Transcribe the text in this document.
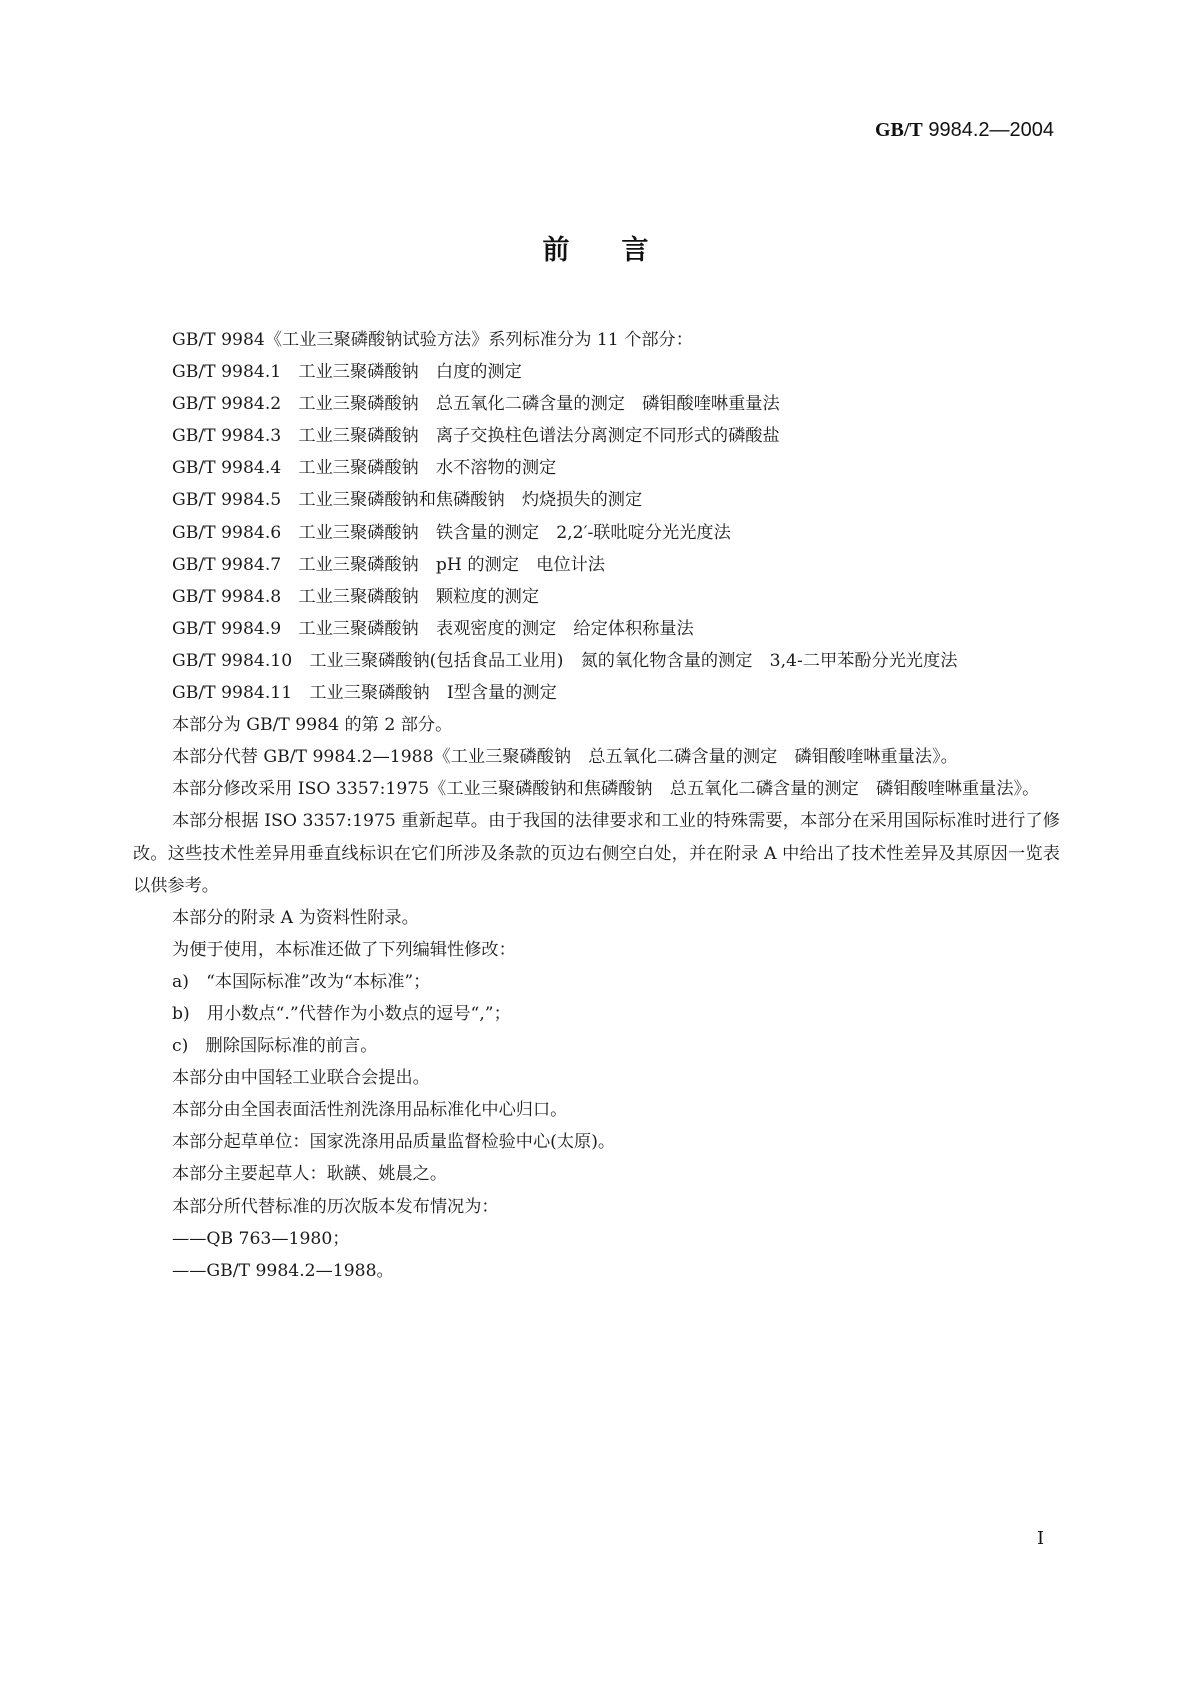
GB/T 9984.2—2004
前言

GB/T 9984《工业三聚磷酸钠试验方法》系列标准分为 11 个部分：

GB/T 9984.1　 工业三聚磷酸钠　白度的测定

GB/T 9984.2　 工业三聚磷酸钠　总五氧化二磷含量的测定　磷钼酸喹啉重量法

GB/T 9984.3　 工业三聚磷酸钠　离子交换柱色谱法分离测定不同形式的磷酸盐

GB/T 9984.4　 工业三聚磷酸钠　水不溶物的测定

GB/T 9984.5　 工业三聚磷酸钠和焦磷酸钠　灼烧损失的测定

GB/T 9984.6　 工业三聚磷酸钠　铁含量的测定　2,2′-联吡啶分光光度法

GB/T 9984.7　 工业三聚磷酸钠　pH 的测定　电位计法

GB/T 9984.8　 工业三聚磷酸钠　颗粒度的测定

GB/T 9984.9　 工业三聚磷酸钠　表观密度的测定　给定体积称量法

GB/T 9984.10　 工业三聚磷酸钠(包括食品工业用)　氮的氧化物含量的测定　3,4-二甲苯酚分光光度法

GB/T 9984.11　 工业三聚磷酸钠　Ⅰ型含量的测定

本部分为 GB/T 9984 的第 2 部分。

本部分代替 GB/T 9984.2—1988《工业三聚磷酸钠　总五氧化二磷含量的测定　磷钼酸喹啉重量法》。

本部分修改采用 ISO 3357:1975《工业三聚磷酸钠和焦磷酸钠　总五氧化二磷含量的测定　磷钼酸喹啉重量法》。

本部分根据 ISO 3357:1975 重新起草。由于我国的法律要求和工业的特殊需要，本部分在采用国际标准时进行了修改。这些技术性差异用垂直线标识在它们所涉及条款的页边右侧空白处，并在附录 A 中给出了技术性差异及其原因一览表以供参考。

本部分的附录 A 为资料性附录。

为便于使用，本标准还做了下列编辑性修改：

a)　“本国际标准”改为“本标准”；

b)　用小数点“.”代替作为小数点的逗号“,”；

c)　删除国际标准的前言。

本部分由中国轻工业联合会提出。

本部分由全国表面活性剂洗涤用品标准化中心归口。

本部分起草单位：国家洗涤用品质量监督检验中心(太原)。

本部分主要起草人：耿韺、姚晨之。

本部分所代替标准的历次版本发布情况为：

——QB 763—1980；

——GB/T 9984.2—1988。

Ⅰ
